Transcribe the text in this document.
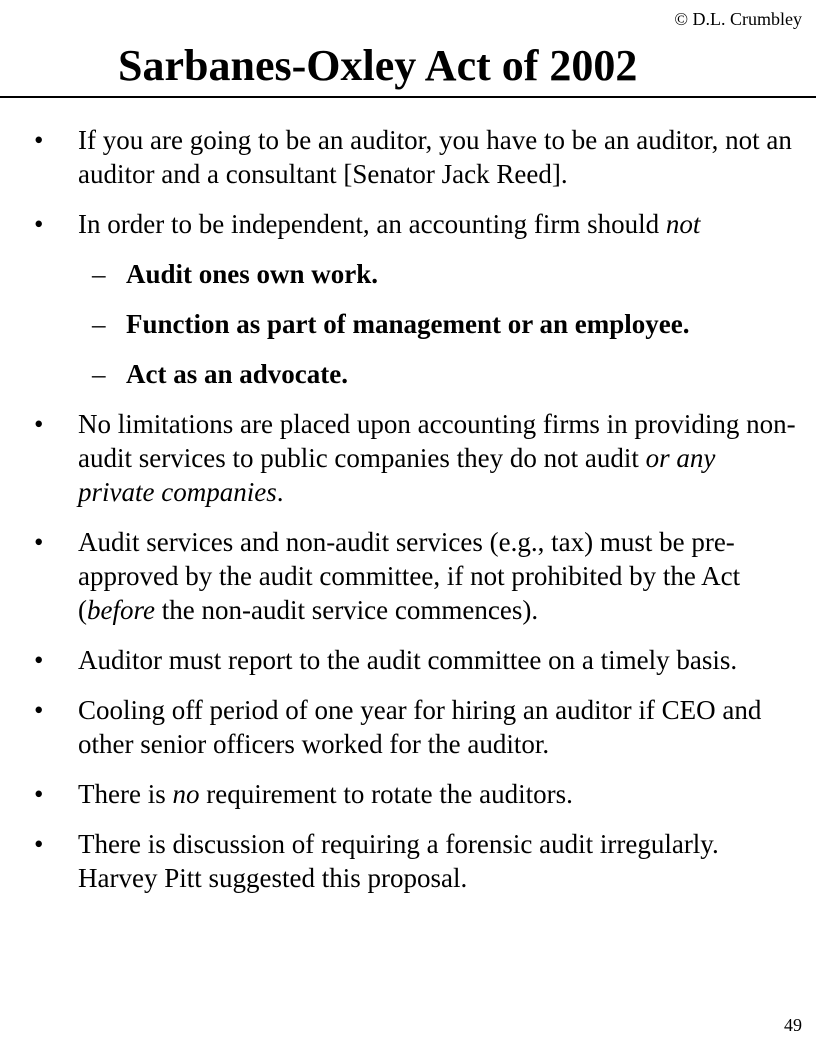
© D.L. Crumbley
Sarbanes-Oxley Act of 2002
• If you are going to be an auditor, you have to be an auditor, not an auditor and a consultant [Senator Jack Reed].
• In order to be independent, an accounting firm should not
– Audit ones own work.
– Function as part of management or an employee.
– Act as an advocate.
• No limitations are placed upon accounting firms in providing non-audit services to public companies they do not audit or any private companies.
• Audit services and non-audit services (e.g., tax) must be pre-approved by the audit committee, if not prohibited by the Act (before the non-audit service commences).
• Auditor must report to the audit committee on a timely basis.
• Cooling off period of one year for hiring an auditor if CEO and other senior officers worked for the auditor.
• There is no requirement to rotate the auditors.
• There is discussion of requiring a forensic audit irregularly. Harvey Pitt suggested this proposal.
49
